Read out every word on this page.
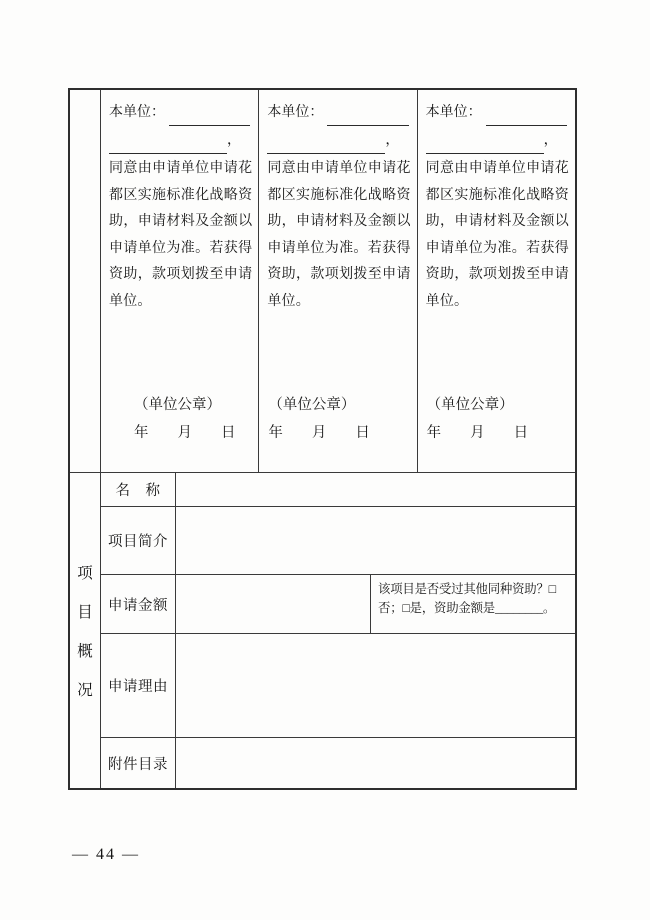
本单位：
，

同意由申请单位申请花都区实施标准化战略资助，申请材料及金额以申请单位为准。若获得资助，款项划拨至申请单位。

（单位公章）
年　　月　　日
本单位：
，

同意由申请单位申请花都区实施标准化战略资助，申请材料及金额以申请单位为准。若获得资助，款项划拨至申请单位。

（单位公章）
年　　月　　日
本单位：
，

同意由申请单位申请花都区实施标准化战略资助，申请材料及金额以申请单位为准。若获得资助，款项划拨至申请单位。

（单位公章）
年　　月　　日
项
目
概
况
名　称
项目简介
申请金额
该项目是否受过其他同种资助？□否；□是，资助金额是________。
申请理由
附件目录
— 44 —
